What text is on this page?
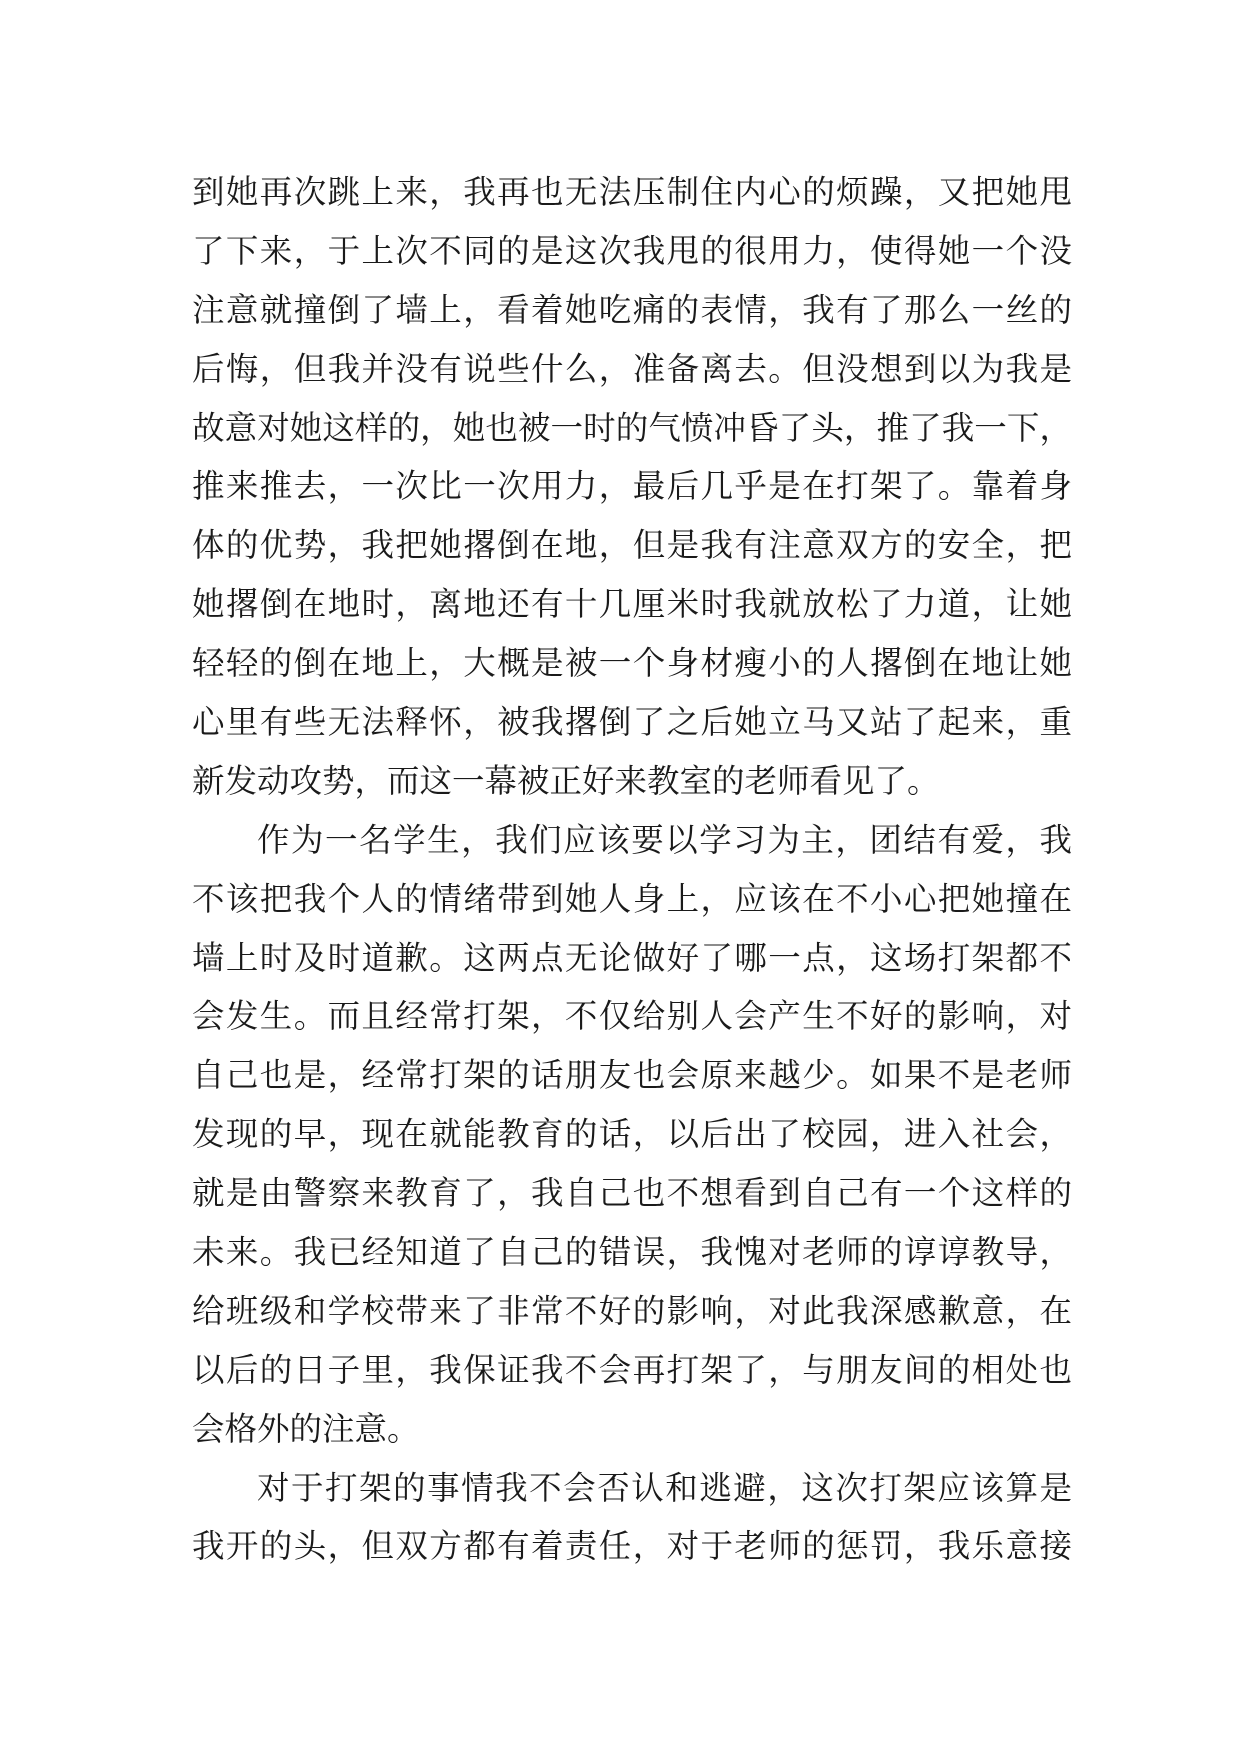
到她再次跳上来，我再也无法压制住内心的烦躁，又把她甩
了下来，于上次不同的是这次我甩的很用力，使得她一个没
注意就撞倒了墙上，看着她吃痛的表情，我有了那么一丝的
后悔，但我并没有说些什么，准备离去。但没想到以为我是
故意对她这样的，她也被一时的气愤冲昏了头，推了我一下，
推来推去，一次比一次用力，最后几乎是在打架了。靠着身
体的优势，我把她撂倒在地，但是我有注意双方的安全，把
她撂倒在地时，离地还有十几厘米时我就放松了力道，让她
轻轻的倒在地上，大概是被一个身材瘦小的人撂倒在地让她
心里有些无法释怀，被我撂倒了之后她立马又站了起来，重
新发动攻势，而这一幕被正好来教室的老师看见了。
作为一名学生，我们应该要以学习为主，团结有爱，我
不该把我个人的情绪带到她人身上，应该在不小心把她撞在
墙上时及时道歉。这两点无论做好了哪一点，这场打架都不
会发生。而且经常打架，不仅给别人会产生不好的影响，对
自己也是，经常打架的话朋友也会原来越少。如果不是老师
发现的早，现在就能教育的话，以后出了校园，进入社会，
就是由警察来教育了，我自己也不想看到自己有一个这样的
未来。我已经知道了自己的错误，我愧对老师的谆谆教导，
给班级和学校带来了非常不好的影响，对此我深感歉意，在
以后的日子里，我保证我不会再打架了，与朋友间的相处也
会格外的注意。
对于打架的事情我不会否认和逃避，这次打架应该算是
我开的头，但双方都有着责任，对于老师的惩罚，我乐意接
